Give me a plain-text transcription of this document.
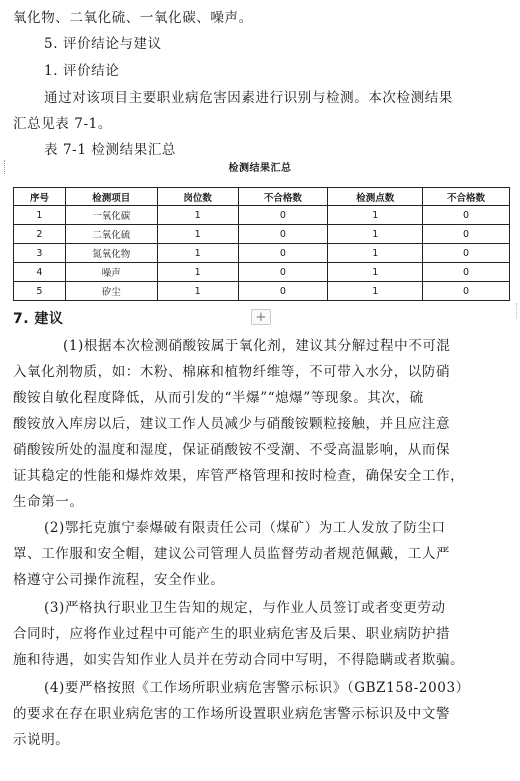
氧化物、二氧化硫、一氧化碳、噪声。
5. 评价结论与建议
1. 评价结论
通过对该项目主要职业病危害因素进行识别与检测。本次检测结果
汇总见表 7-1。
表 7-1 检测结果汇总
检测结果汇总
序号	检测项目	岗位数	不合格数	检测点数	不合格数
1	一氧化碳	1	0	1	0
2	二氧化硫	1	0	1	0
3	氮氧化物	1	0	1	0
4	噪声	1	0	1	0
5	矽尘	1	0	1	0
7. 建议	+
(1)根据本次检测硝酸铵属于氧化剂，建议其分解过程中不可混
入氧化剂物质，如：木粉、棉麻和植物纤维等，不可带入水分，以防硝
酸铵自敏化程度降低，从而引发的“半爆”“熄爆”等现象。其次，硫
酸铵放入库房以后，建议工作人员减少与硝酸铵颗粒接触，并且应注意
硝酸铵所处的温度和湿度，保证硝酸铵不受潮、不受高温影响，从而保
证其稳定的性能和爆炸效果，库管严格管理和按时检查，确保安全工作，
生命第一。
(2)鄂托克旗宁泰爆破有限责任公司（煤矿）为工人发放了防尘口
罩、工作服和安全帽，建议公司管理人员监督劳动者规范佩戴，工人严
格遵守公司操作流程，安全作业。
(3)严格执行职业卫生告知的规定，与作业人员签订或者变更劳动
合同时，应将作业过程中可能产生的职业病危害及后果、职业病防护措
施和待遇，如实告知作业人员并在劳动合同中写明，不得隐瞒或者欺骗。
(4)要严格按照《工作场所职业病危害警示标识》（GBZ158-2003）
的要求在存在职业病危害的工作场所设置职业病危害警示标识及中文警
示说明。
